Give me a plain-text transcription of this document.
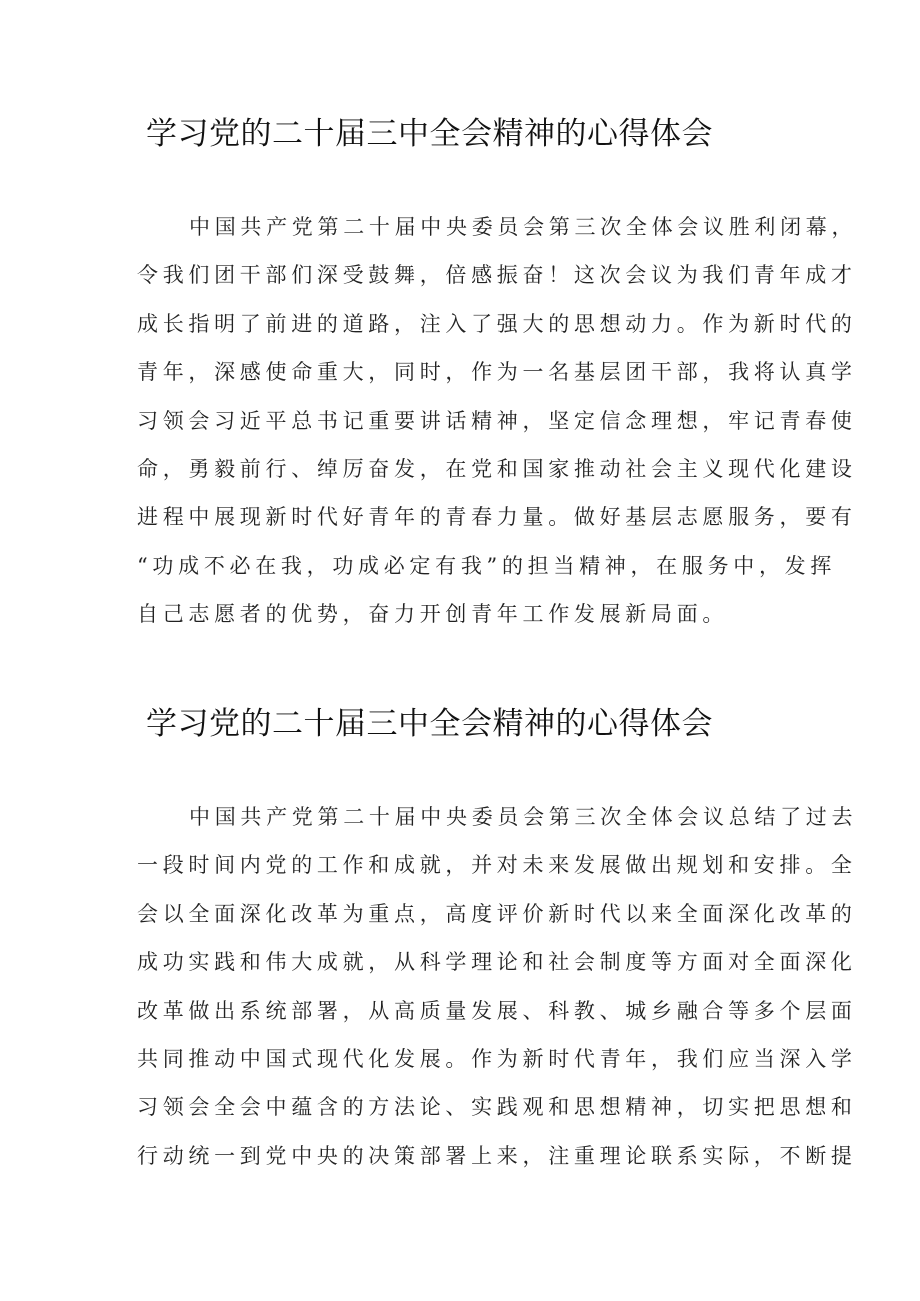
学习党的二十届三中全会精神的心得体会
中国共产党第二十届中央委员会第三次全体会议胜利闭幕，
令我们团干部们深受鼓舞，倍感振奋！这次会议为我们青年成才
成长指明了前进的道路，注入了强大的思想动力。作为新时代的
青年，深感使命重大，同时，作为一名基层团干部，我将认真学
习领会习近平总书记重要讲话精神，坚定信念理想，牢记青春使
命，勇毅前行、绰厉奋发，在党和国家推动社会主义现代化建设
进程中展现新时代好青年的青春力量。做好基层志愿服务，要有
“功成不必在我，功成必定有我”的担当精神，在服务中，发挥
自己志愿者的优势，奋力开创青年工作发展新局面。
学习党的二十届三中全会精神的心得体会
中国共产党第二十届中央委员会第三次全体会议总结了过去
一段时间内党的工作和成就，并对未来发展做出规划和安排。全
会以全面深化改革为重点，高度评价新时代以来全面深化改革的
成功实践和伟大成就，从科学理论和社会制度等方面对全面深化
改革做出系统部署，从高质量发展、科教、城乡融合等多个层面
共同推动中国式现代化发展。作为新时代青年，我们应当深入学
习领会全会中蕴含的方法论、实践观和思想精神，切实把思想和
行动统一到党中央的决策部署上来，注重理论联系实际，不断提
